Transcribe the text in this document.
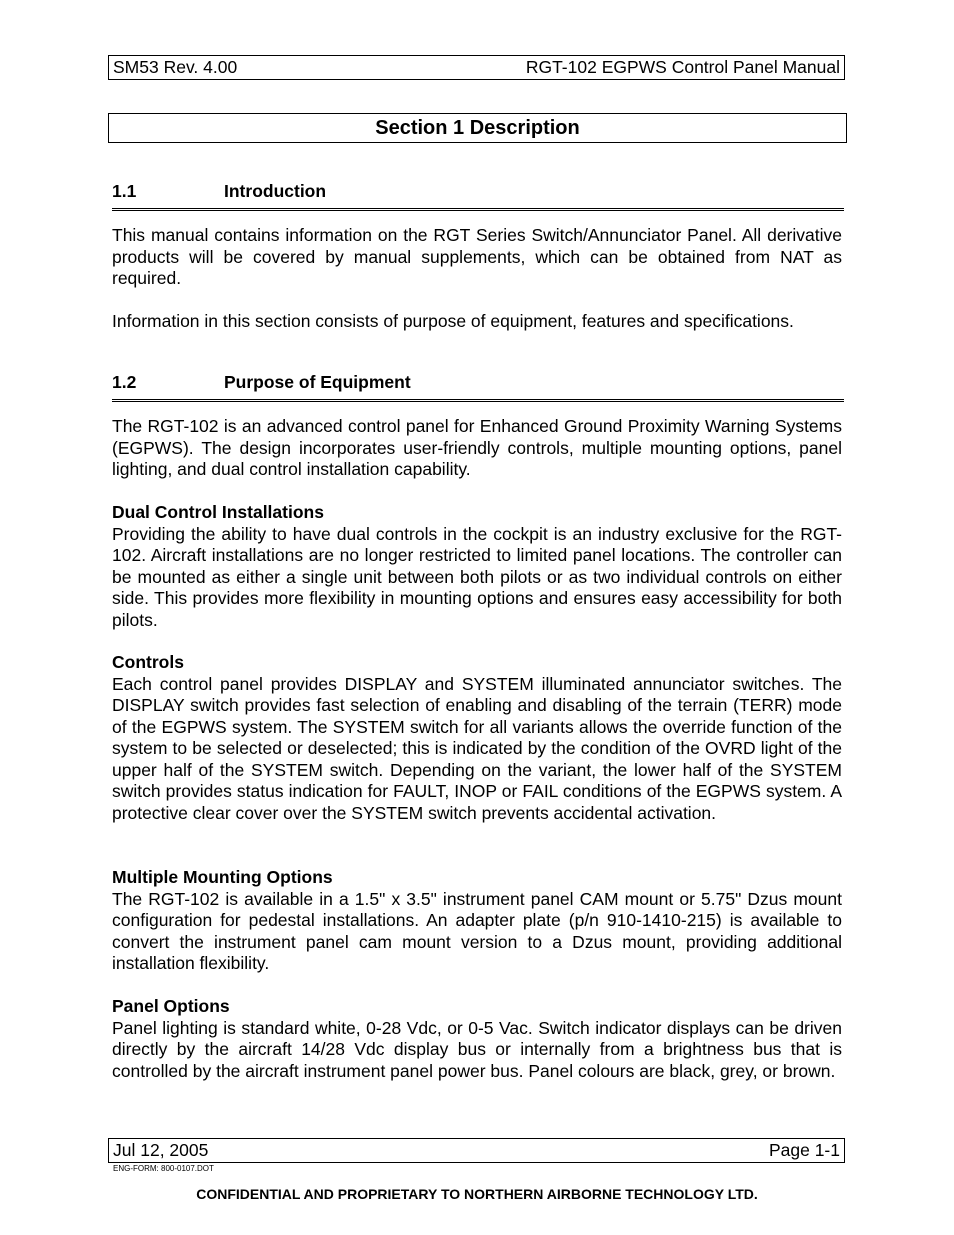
SM53 Rev. 4.00	RGT-102 EGPWS Control Panel Manual
Section 1 Description
1.1	Introduction

This manual contains information on the RGT Series Switch/Annunciator Panel. All derivative products will be covered by manual supplements, which can be obtained from NAT as required.

Information in this section consists of purpose of equipment, features and specifications.

1.2	Purpose of Equipment

The RGT-102 is an advanced control panel for Enhanced Ground Proximity Warning Systems (EGPWS). The design incorporates user-friendly controls, multiple mounting options, panel lighting, and dual control installation capability.

Dual Control Installations
Providing the ability to have dual controls in the cockpit is an industry exclusive for the RGT-102. Aircraft installations are no longer restricted to limited panel locations. The controller can be mounted as either a single unit between both pilots or as two individual controls on either side. This provides more flexibility in mounting options and ensures easy accessibility for both pilots.
Controls
Each control panel provides DISPLAY and SYSTEM illuminated annunciator switches. The DISPLAY switch provides fast selection of enabling and disabling of the terrain (TERR) mode of the EGPWS system. The SYSTEM switch for all variants allows the override function of the system to be selected or deselected; this is indicated by the condition of the OVRD light of the upper half of the SYSTEM switch. Depending on the variant, the lower half of the SYSTEM switch provides status indication for FAULT, INOP or FAIL conditions of the EGPWS system. A protective clear cover over the SYSTEM switch prevents accidental activation.
Multiple Mounting Options
The RGT-102 is available in a 1.5" x 3.5" instrument panel CAM mount or 5.75" Dzus mount configuration for pedestal installations. An adapter plate (p/n 910-1410-215) is available to convert the instrument panel cam mount version to a Dzus mount, providing additional installation flexibility.
Panel Options
Panel lighting is standard white, 0-28 Vdc, or 0-5 Vac. Switch indicator displays can be driven directly by the aircraft 14/28 Vdc display bus or internally from a brightness bus that is controlled by the aircraft instrument panel power bus. Panel colours are black, grey, or brown.
Jul 12, 2005	Page 1-1
ENG-FORM: 800-0107.DOT
CONFIDENTIAL AND PROPRIETARY TO NORTHERN AIRBORNE TECHNOLOGY LTD.
